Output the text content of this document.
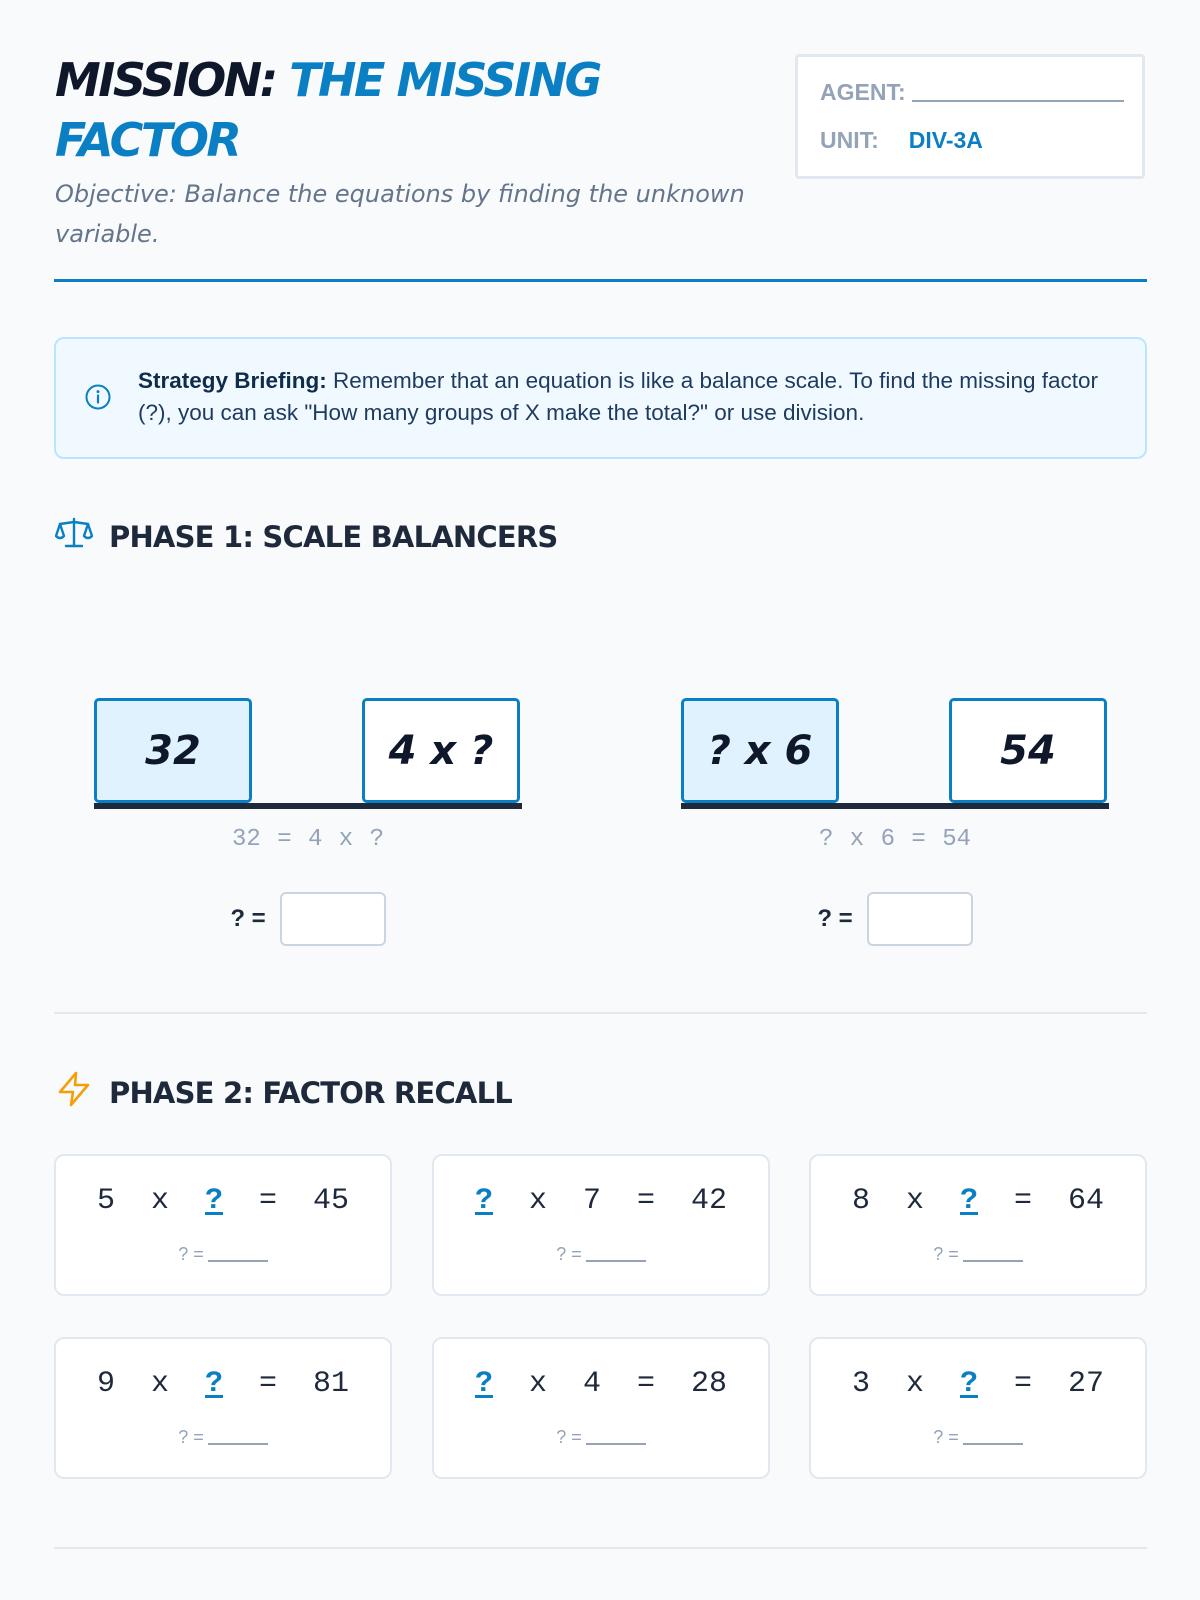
MISSION: THE MISSING FACTOR

Objective: Balance the equations by finding the unknown variable.

AGENT:
UNIT: DIV-3A

Strategy Briefing: Remember that an equation is like a balance scale. To find the missing factor (?), you can ask "How many groups of X make the total?" or use division.

PHASE 1: SCALE BALANCERS
32	4 x ?
32 = 4 x ?
? =
? x 6	54
? x 6 = 54
? =
PHASE 2: FACTOR RECALL
5  x  ?  =  45
? =
?  x  7  =  42
? =
8  x  ?  =  64
? =
9  x  ?  =  81
? =
?  x  4  =  28
? =
3  x  ?  =  27
? =
